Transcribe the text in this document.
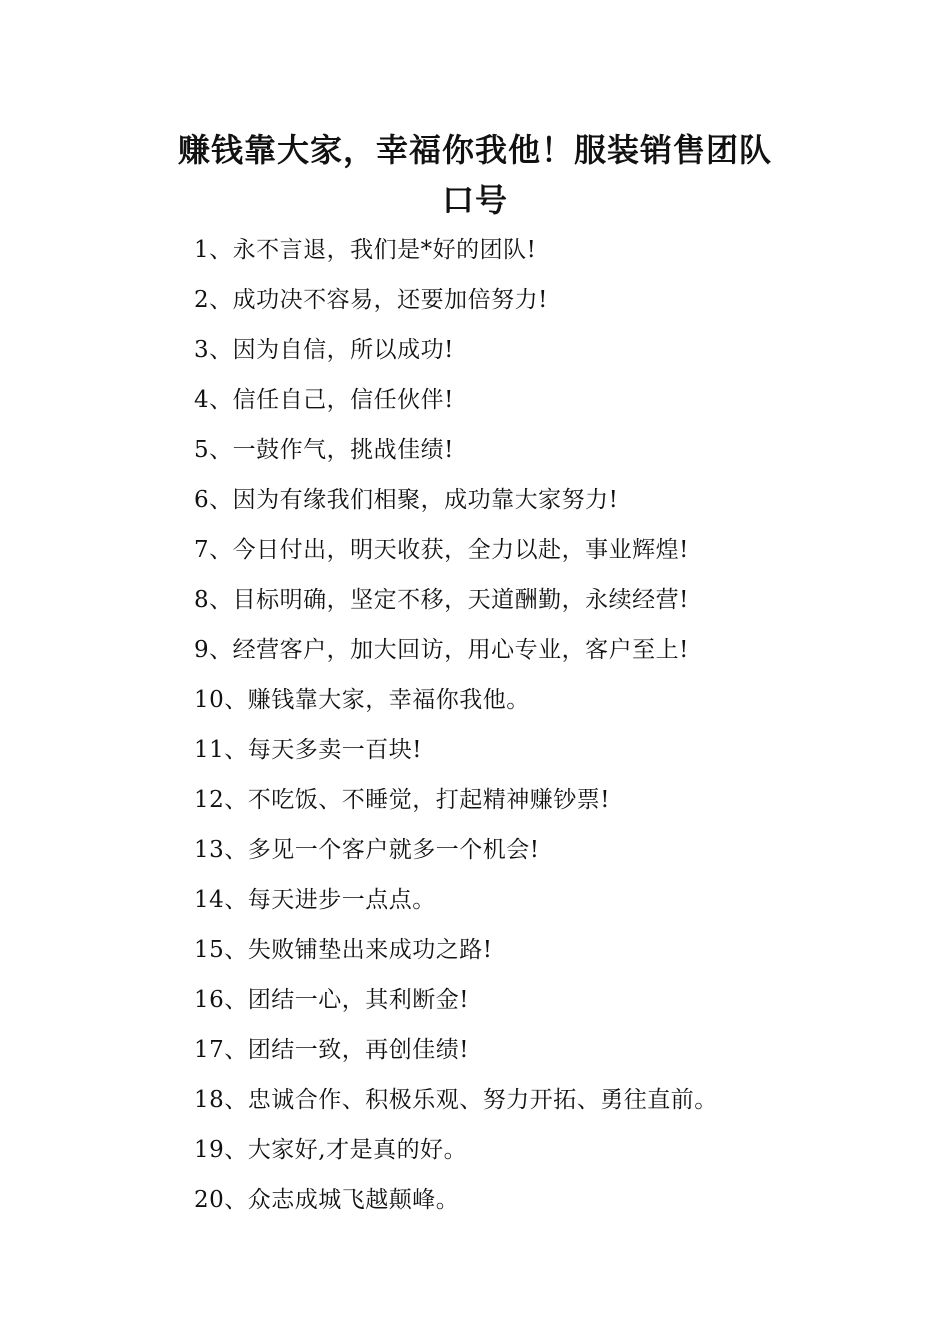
赚钱靠大家，幸福你我他！服装销售团队
口号
1、永不言退，我们是*好的团队!
2、成功决不容易，还要加倍努力!
3、因为自信，所以成功!
4、信任自己，信任伙伴!
5、一鼓作气，挑战佳绩!
6、因为有缘我们相聚，成功靠大家努力!
7、今日付出，明天收获，全力以赴，事业辉煌!
8、目标明确，坚定不移，天道酬勤，永续经营!
9、经营客户，加大回访，用心专业，客户至上!
10、赚钱靠大家，幸福你我他。
11、每天多卖一百块!
12、不吃饭、不睡觉，打起精神赚钞票!
13、多见一个客户就多一个机会!
14、每天进步一点点。
15、失败铺垫出来成功之路!
16、团结一心，其利断金!
17、团结一致，再创佳绩!
18、忠诚合作、积极乐观、努力开拓、勇往直前。
19、大家好,才是真的好。
20、众志成城飞越颠峰。
